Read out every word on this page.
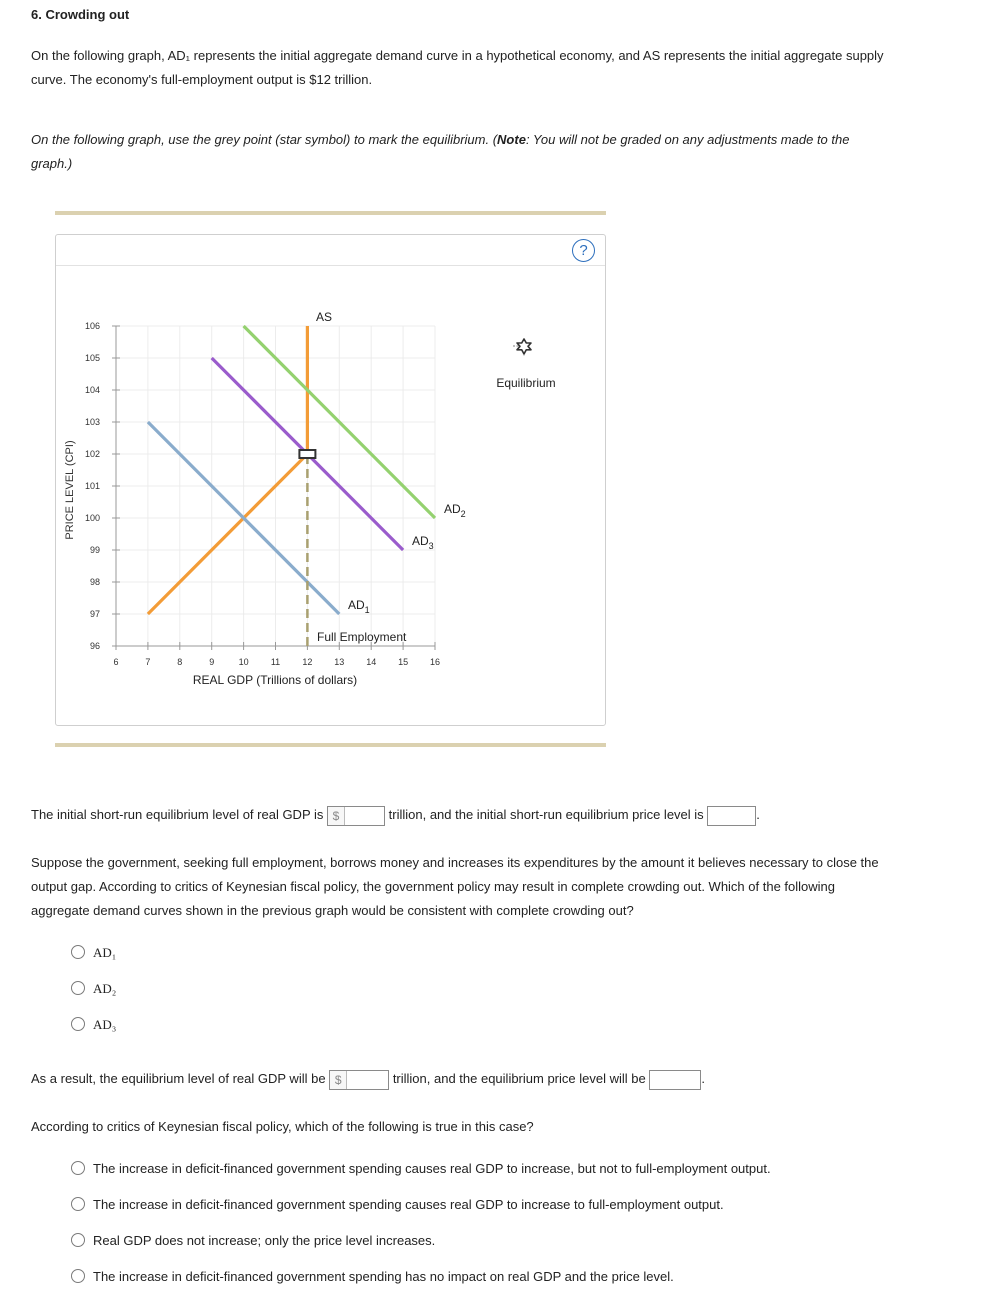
6. Crowding out
On the following graph, AD₁ represents the initial aggregate demand curve in a hypothetical economy, and AS represents the initial aggregate supply
curve. The economy's full-employment output is $12 trillion.
On the following graph, use the grey point (star symbol) to mark the equilibrium. (Note: You will not be graded on any adjustments made to the
graph.)
?
106
105
104
103
102
101
100
99
98
97
96
6	7	8	9	10 11 12 13 14 15 16
PRICE LEVEL (CPI)
REAL GDP (Trillions of dollars)
AS
$AD_2$
$AD_3$
$AD_1$
Full Employment
Equilibrium
The initial short-run equilibrium level of real GDP is $	trillion, and the initial short-run equilibrium price level is	.
Suppose the government, seeking full employment, borrows money and increases its expenditures by the amount it believes necessary to close the
output gap. According to critics of Keynesian fiscal policy, the government policy may result in complete crowding out. Which of the following
aggregate demand curves shown in the previous graph would be consistent with complete crowding out?
AD₁
AD₂
AD₃
As a result, the equilibrium level of real GDP will be $	trillion, and the equilibrium price level will be	.
According to critics of Keynesian fiscal policy, which of the following is true in this case?
The increase in deficit-financed government spending causes real GDP to increase, but not to full-employment output.
The increase in deficit-financed government spending causes real GDP to increase to full-employment output.
Real GDP does not increase; only the price level increases.
The increase in deficit-financed government spending has no impact on real GDP and the price level.
